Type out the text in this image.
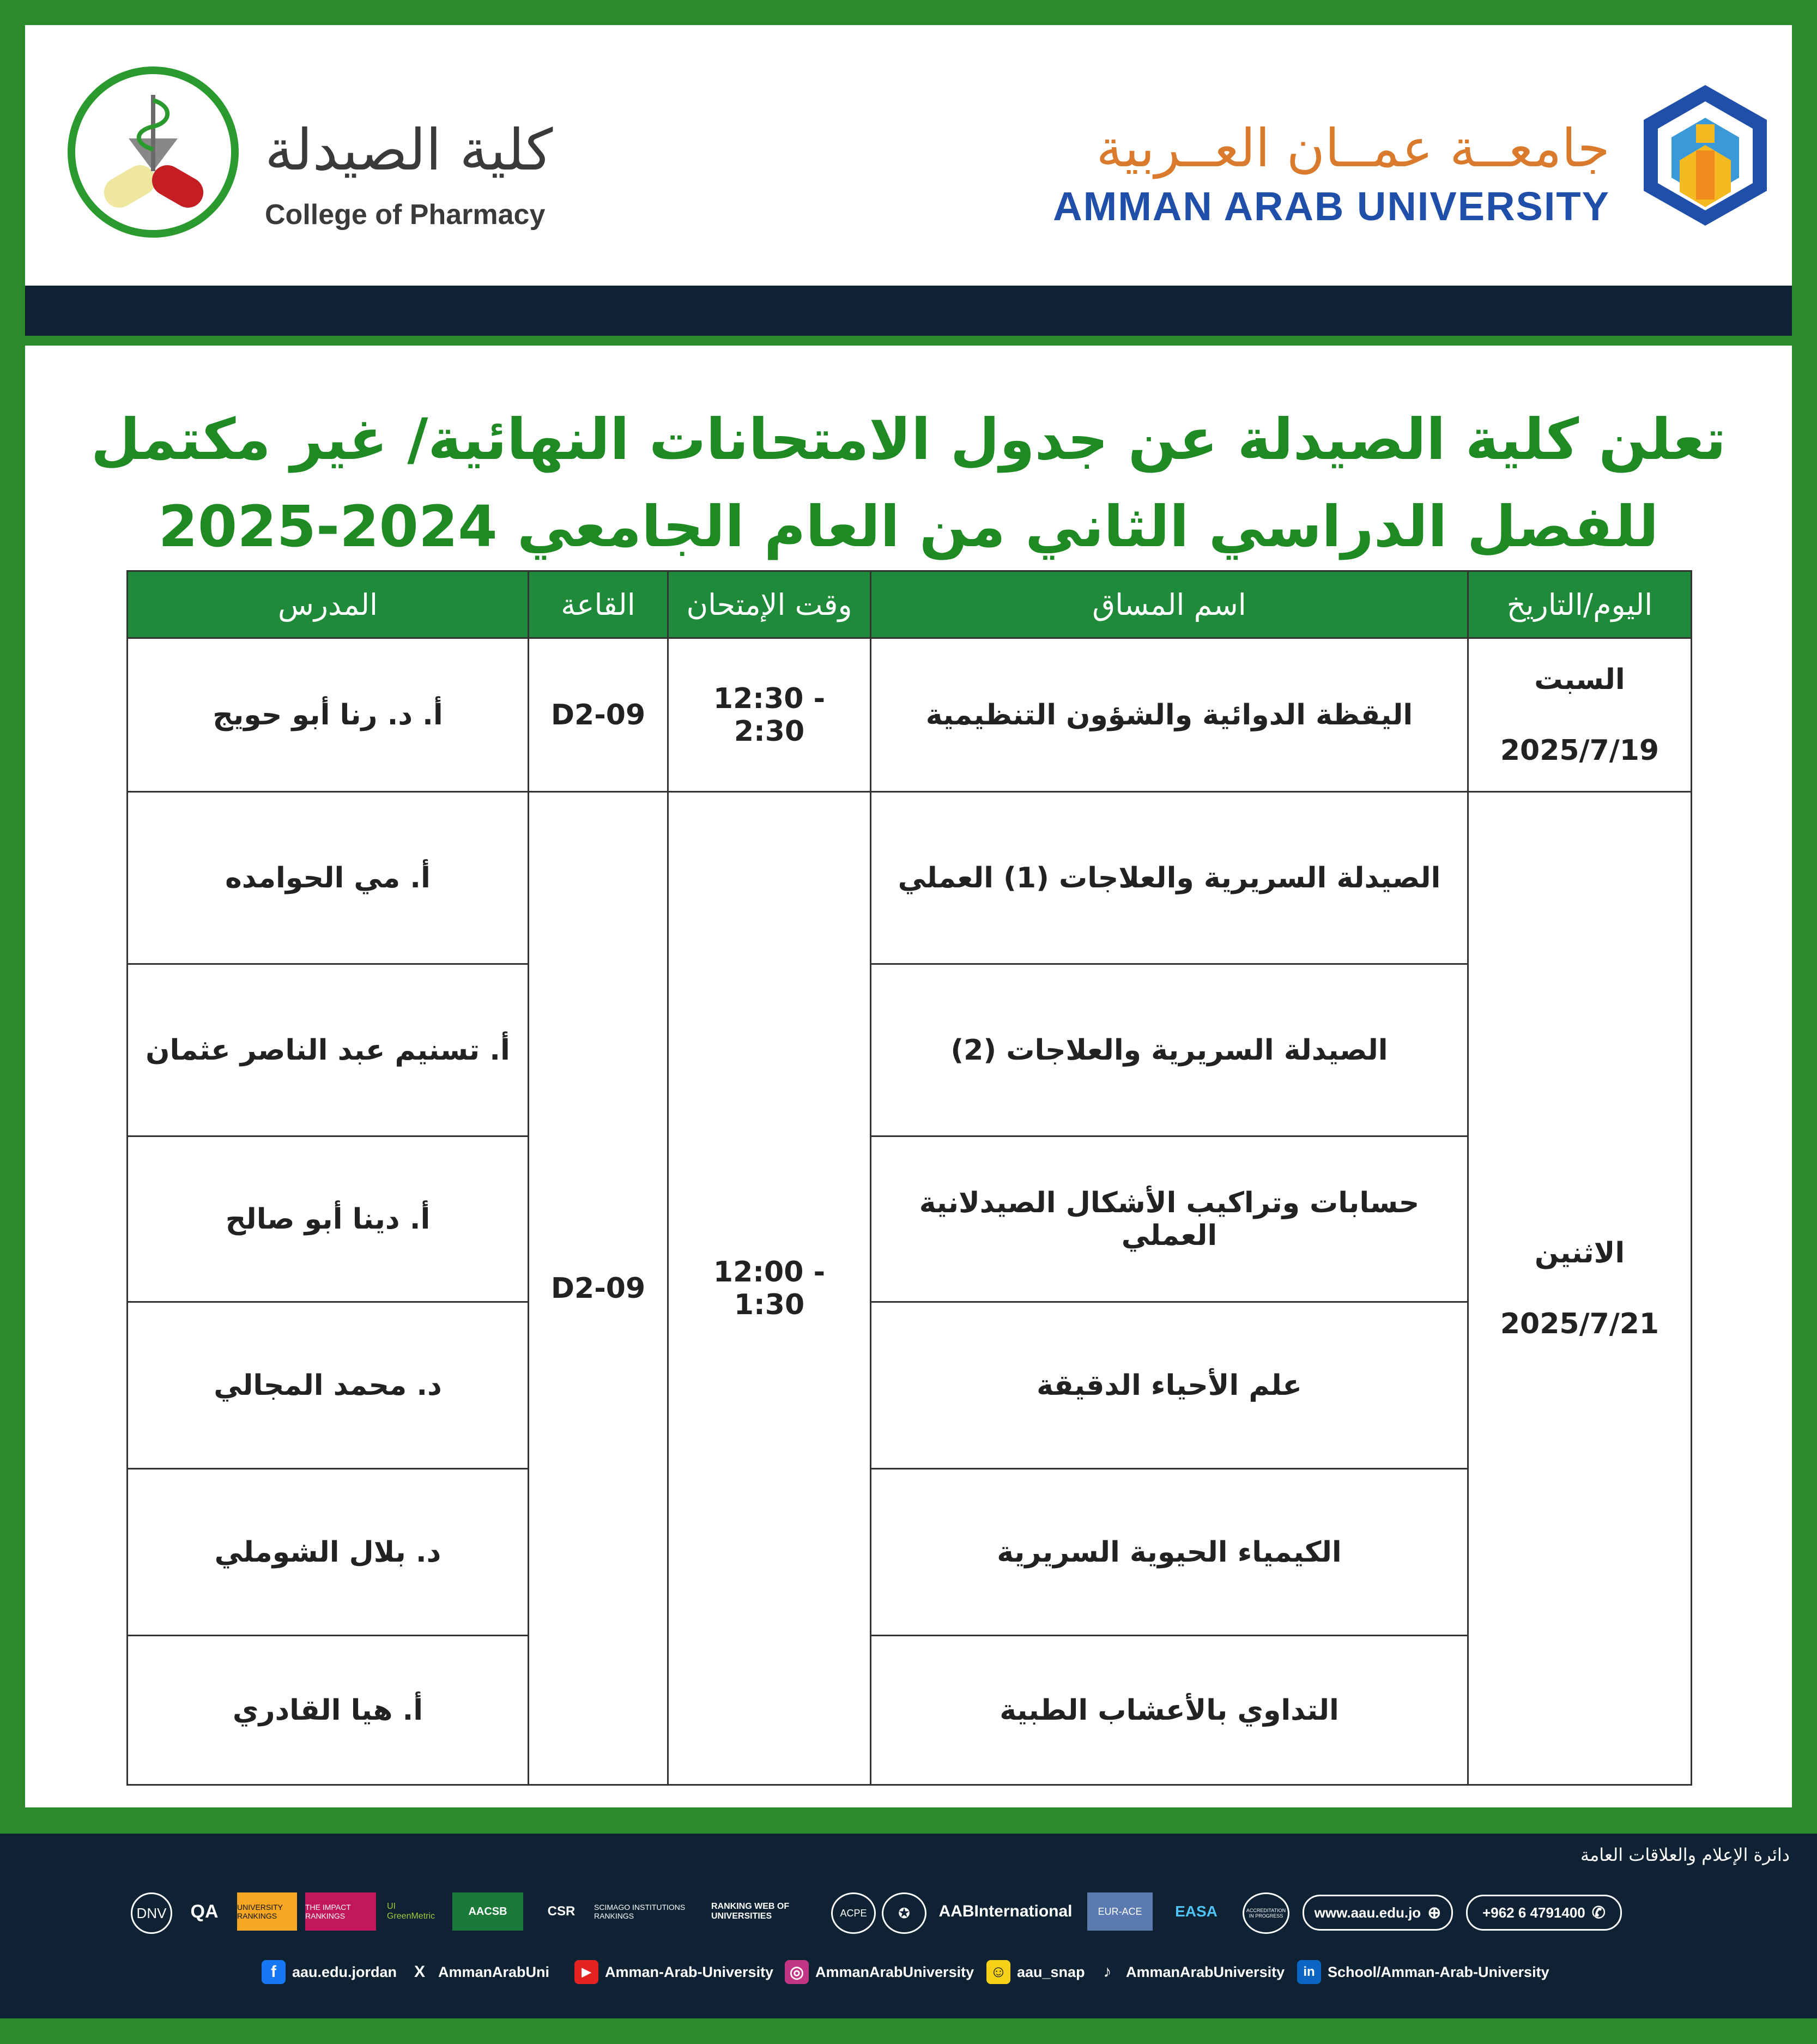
جامعــة عمــان العــربية
AMMAN ARAB UNIVERSITY
كلية الصيدلة
College of Pharmacy
تعلن كلية الصيدلة عن جدول الامتحانات النهائية/ غير مكتمل
للفصل الدراسي الثاني من العام الجامعي 2024-2025
اليوم/التاريخ	اسم المساق	وقت الإمتحان	القاعة	المدرس

السبت
2025/7/19	اليقظة الدوائية والشؤون التنظيمية	12:30 - 2:30	D2-09	أ. د. رنا أبو حويج

الاثنين
2025/7/21	الصيدلة السريرية والعلاجات (1) العملي	12:00 - 1:30	D2-09	أ. مي الحوامده
	الصيدلة السريرية والعلاجات (2)			أ. تسنيم عبد الناصر عثمان
	حسابات وتراكيب الأشكال الصيدلانية العملي			أ. دينا أبو صالح
	علم الأحياء الدقيقة			د. محمد المجالي
	الكيمياء الحيوية السريرية			د. بلال الشوملي
	التداوي بالأعشاب الطبية			أ. هيا القادري
دائرة الإعلام والعلاقات العامة
DNV	QA	UNIVERSITY RANKINGS
THE IMPACT RANKINGS
UI GreenMetric	AACSB	CSR	SCIMAGO INSTITUTIONS RANKINGS
RANKING WEB OF UNIVERSITIES	ACPE	✪	AABInternational	EUR-ACE	EASA	ACCREDITATION IN PROGRESS	www.aau.edu.jo ⊕	+962 6 4791400 ✆
f	aau.edu.jordan	X AmmanArabUni	▶ Amman-Arab-University ◎ AmmanArabUniversity ☺ aau_snap	♪ AmmanArabUniversity	in School/Amman-Arab-University
